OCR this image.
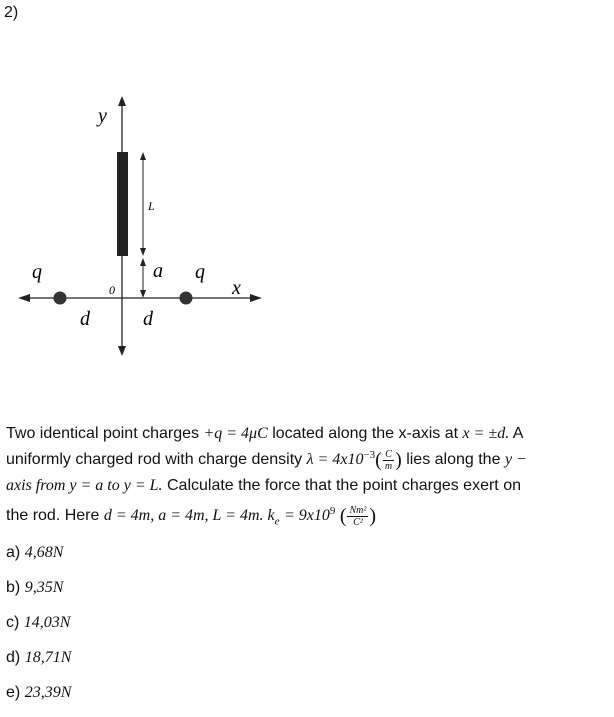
2)
y
x
L
a
0
q	q
d	d
Two identical point charges +q = 4μC located along the x-axis at x = ±d. A
uniformly charged rod with charge density $\lambda = 4x10^{-3}( \frac{C}{m}$ ) lies along the y −
axis from y = a to y = L. Calculate the force that the point charges exert on
the rod. Here d = 4m, a = 4m, L = 4m. $k_e = 9x10^9$ ( $\frac{\text{Nm²}}{\text{C²}}$ )
a) 4,68N
b) 9,35N
c) 14,03N
d) 18,71N
e) 23,39N
